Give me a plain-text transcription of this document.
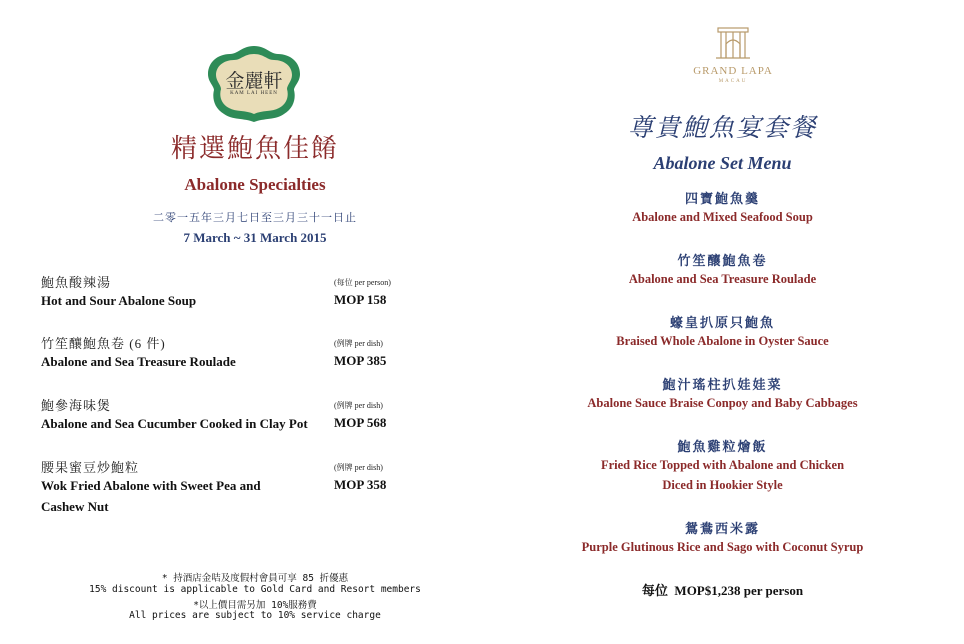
金麗軒
KAM LAI HEEN
精選鮑魚佳餚
Abalone Specialties
二零一五年三月七日至三月三十一日止
7 March ~ 31 March 2015
鮑魚酸辣湯	(每位 per person)
Hot and Sour Abalone Soup	MOP 158
竹笙釀鮑魚卷 (6 件)	(例牌 per dish)
Abalone and Sea Treasure Roulade	MOP 385
鮑參海味煲	(例牌 per dish)
Abalone and Sea Cucumber Cooked in Clay Pot MOP 568
腰果蜜豆炒鮑粒	(例牌 per dish)
Wok Fried Abalone with Sweet Pea and Cashew Nut
MOP 358
* 持酒店金咭及度假村會員可享 85 折優惠
15% discount is applicable to Gold Card and Resort members
*以上價目需另加 10%服務費
All prices are subject to 10% service charge
GRAND LAPA
MACAU
尊貴鮑魚宴套餐
Abalone Set Menu
四寶鮑魚羹
Abalone and Mixed Seafood Soup
竹笙釀鮑魚卷
Abalone and Sea Treasure Roulade
蠔皇扒原只鮑魚
Braised Whole Abalone in Oyster Sauce
鮑汁瑤柱扒娃娃菜
Abalone Sauce Braise Conpoy and Baby Cabbages
鮑魚雞粒燴飯
Fried Rice Topped with Abalone and Chicken Diced in Hookier Style
鴛鴦西米露
Purple Glutinous Rice and Sago with Coconut Syrup
每位 MOP$1,238 per person
